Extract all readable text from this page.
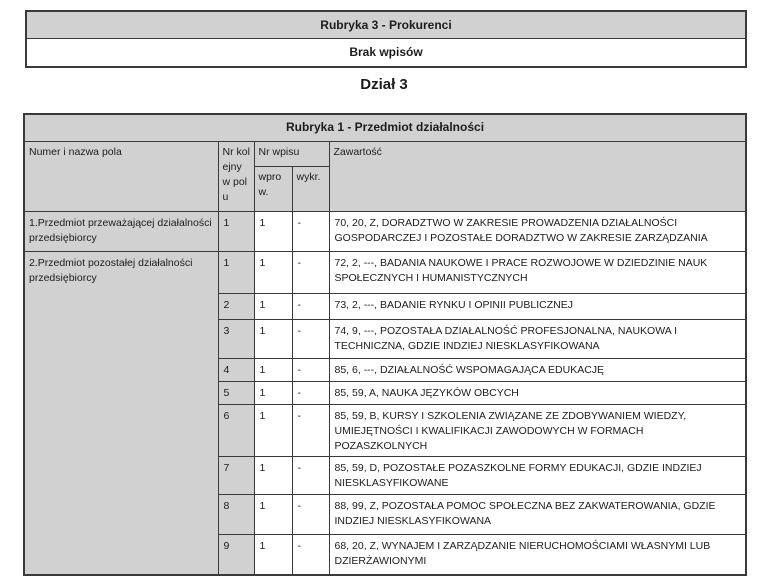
Rubryka 3 - Prokurenci
Brak wpisów
Dział 3
Rubryka 1 - Przedmiot działalności				
Numer i nazwa pola	Nr kolejny w polu	Nr wpisu		Zawartość
		wprow.	wykr.	
1.Przedmiot przeważającej działalności przedsiębiorcy	1	1	-	70, 20, Z, DORADZTWO W ZAKRESIE PROWADZENIA DZIAŁALNOŚCI GOSPODARCZEJ I POZOSTAŁE DORADZTWO W ZAKRESIE ZARZĄDZANIA
2.Przedmiot pozostałej działalności przedsiębiorcy	1	1	-	72, 2, ---, BADANIA NAUKOWE I PRACE ROZWOJOWE W DZIEDZINIE NAUK SPOŁECZNYCH I HUMANISTYCZNYCH
	2	1	-	73, 2, ---, BADANIE RYNKU I OPINII PUBLICZNEJ
	3	1	-	74, 9, ---, POZOSTAŁA DZIAŁALNOŚĆ PROFESJONALNA, NAUKOWA I TECHNICZNA, GDZIE INDZIEJ NIESKLASYFIKOWANA
	4	1	-	85, 6, ---, DZIAŁALNOŚĆ WSPOMAGAJĄCA EDUKACJĘ
	5	1	-	85, 59, A, NAUKA JĘZYKÓW OBCYCH
	6	1	-	85, 59, B, KURSY I SZKOLENIA ZWIĄZANE ZE ZDOBYWANIEM WIEDZY, UMIEJĘTNOŚCI I KWALIFIKACJI ZAWODOWYCH W FORMACH POZASZKOLNYCH
	7	1	-	85, 59, D, POZOSTAŁE POZASZKOLNE FORMY EDUKACJI, GDZIE INDZIEJ NIESKLASYFIKOWANE
	8	1	-	88, 99, Z, POZOSTAŁA POMOC SPOŁECZNA BEZ ZAKWATEROWANIA, GDZIE INDZIEJ NIESKLASYFIKOWANA
	9	1	-	68, 20, Z, WYNAJEM I ZARZĄDZANIE NIERUCHOMOŚCIAMI WŁASNYMI LUB DZIERŻAWIONYMI
